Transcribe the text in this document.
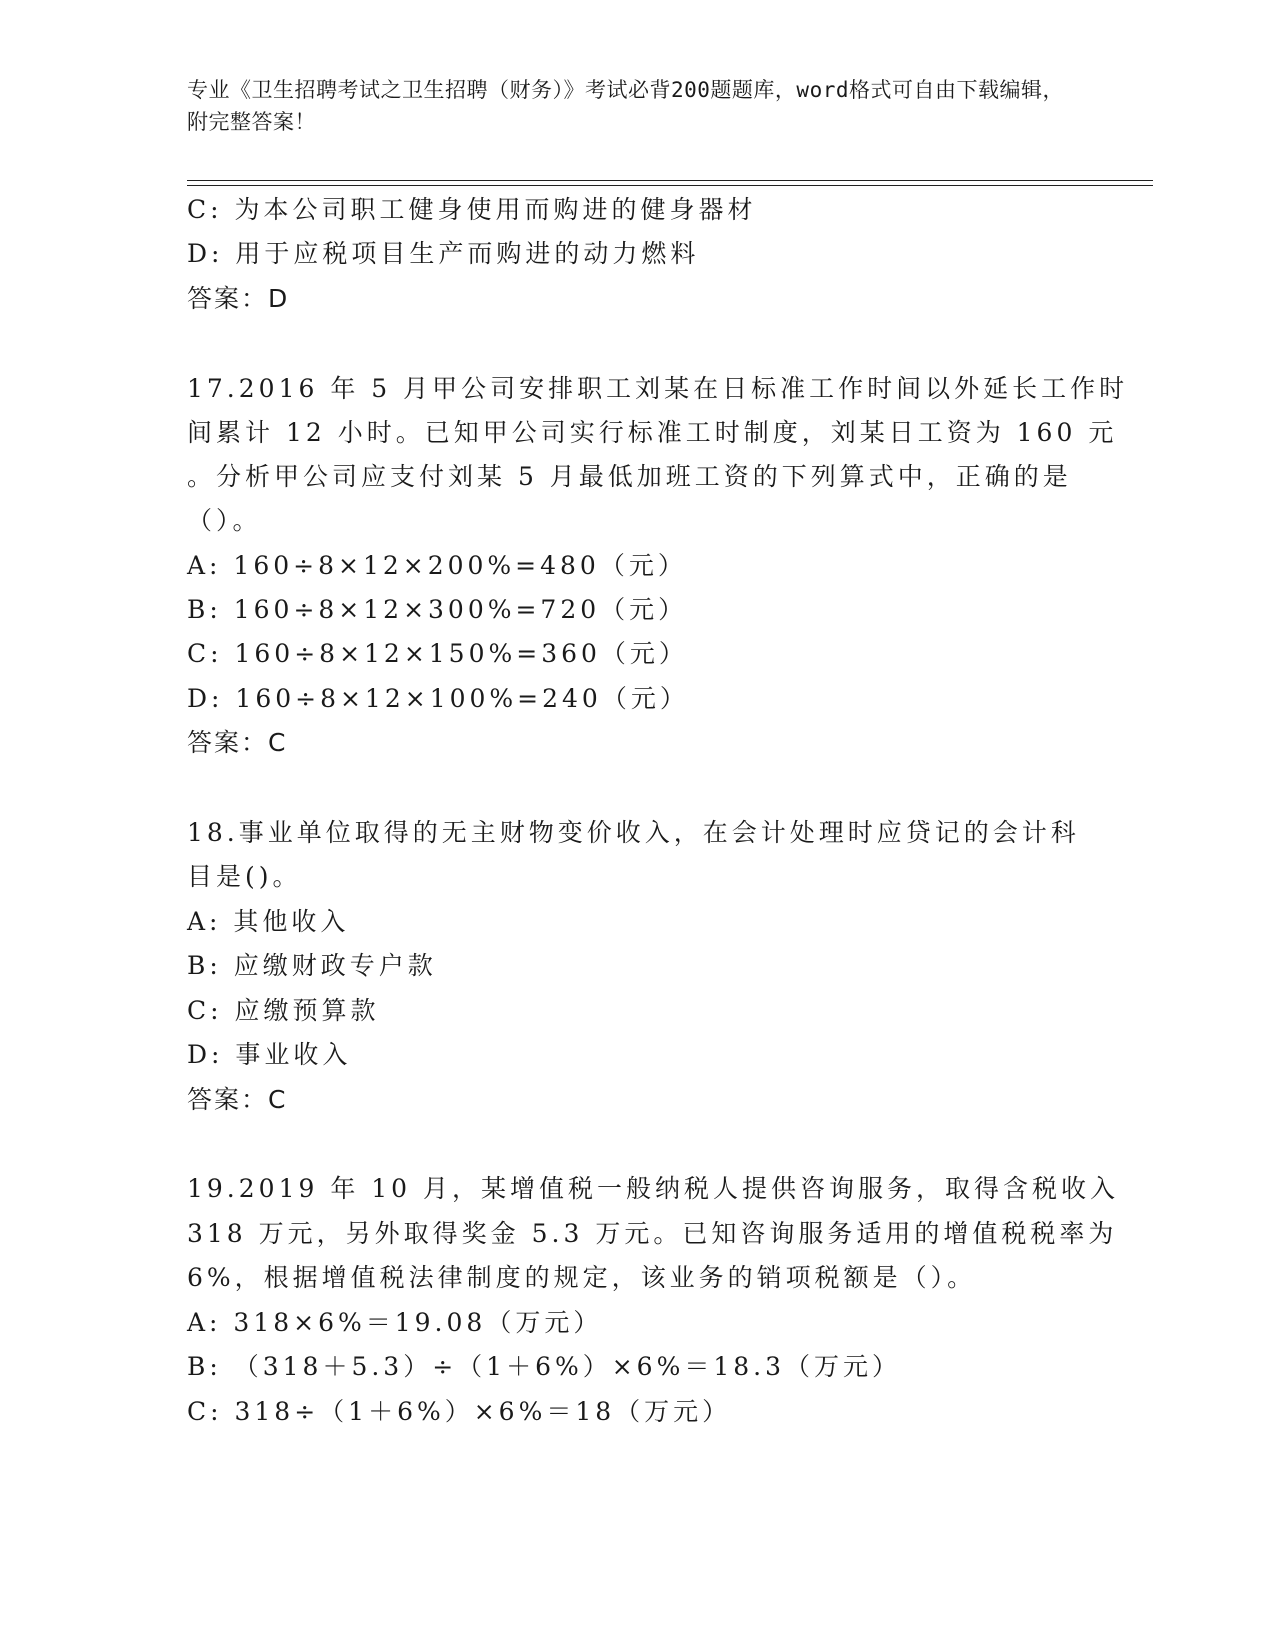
专业《卫生招聘考试之卫生招聘（财务）》考试必背200题题库，word格式可自由下载编辑，附完整答案！
C: 为本公司职工健身使用而购进的健身器材
D: 用于应税项目生产而购进的动力燃料
答案：D
17.2016 年 5 月甲公司安排职工刘某在日标准工作时间以外延长工作时
间累计 12 小时。已知甲公司实行标准工时制度，刘某日工资为 160 元
。分析甲公司应支付刘某 5 月最低加班工资的下列算式中，正确的是
（）。
A: 160÷8×12×200%=480（元）
B: 160÷8×12×300%=720（元）
C: 160÷8×12×150%=360（元）
D: 160÷8×12×100%=240（元）
答案：C
18.事业单位取得的无主财物变价收入，在会计处理时应贷记的会计科
目是()。
A: 其他收入
B: 应缴财政专户款
C: 应缴预算款
D: 事业收入
答案：C
19.2019 年 10 月，某增值税一般纳税人提供咨询服务，取得含税收入
318 万元，另外取得奖金 5.3 万元。已知咨询服务适用的增值税税率为
6%，根据增值税法律制度的规定，该业务的销项税额是（）。
A: 318×6%＝19.08（万元）
B: （318＋5.3）÷（1＋6%）×6%＝18.3（万元）
C: 318÷（1＋6%）×6%＝18（万元）
